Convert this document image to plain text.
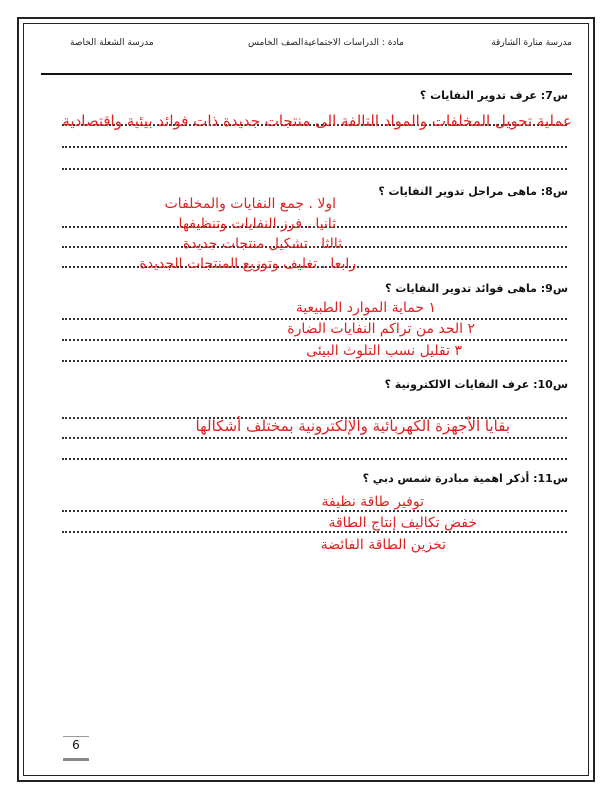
مدرسة منارة الشارقة
مادة : الدراسات الاجتماعية
الصف الخامس
مدرسة الشعلة الخاصة
س7: عرف تدوير النفايات ؟
عملية تحويل المخلفات والمواد التالفة الى منتجات جديدة ذات فوائد بيئية واقتصادية
س8: ماهى مراحل تدوير النفايات ؟
اولا . جمع النفايات والمخلفات
ثانيا . فرز النفايات وتنظيفها
ثالثا . تشكيل منتجات جديدة
رابعا . تغليف وتوزيع المنتجات الجديدة
س9: ماهى فوائد تدوير النفايات ؟
١ حماية الموارد الطبيعية
٢ الحد من تراكم النفايات الضارة
٣ تقليل نسب التلوث البيئى
س10: عرف النفايات الالكترونية ؟
بقايا الأجهزة الكهربائية والإلكترونية بمختلف أشكالها
س11: أذكر اهمية مبادرة شمس دبي ؟
توفير طاقة نظيفة
خفض تكاليف إنتاج الطاقة
تخزين الطاقة الفائضة
6
